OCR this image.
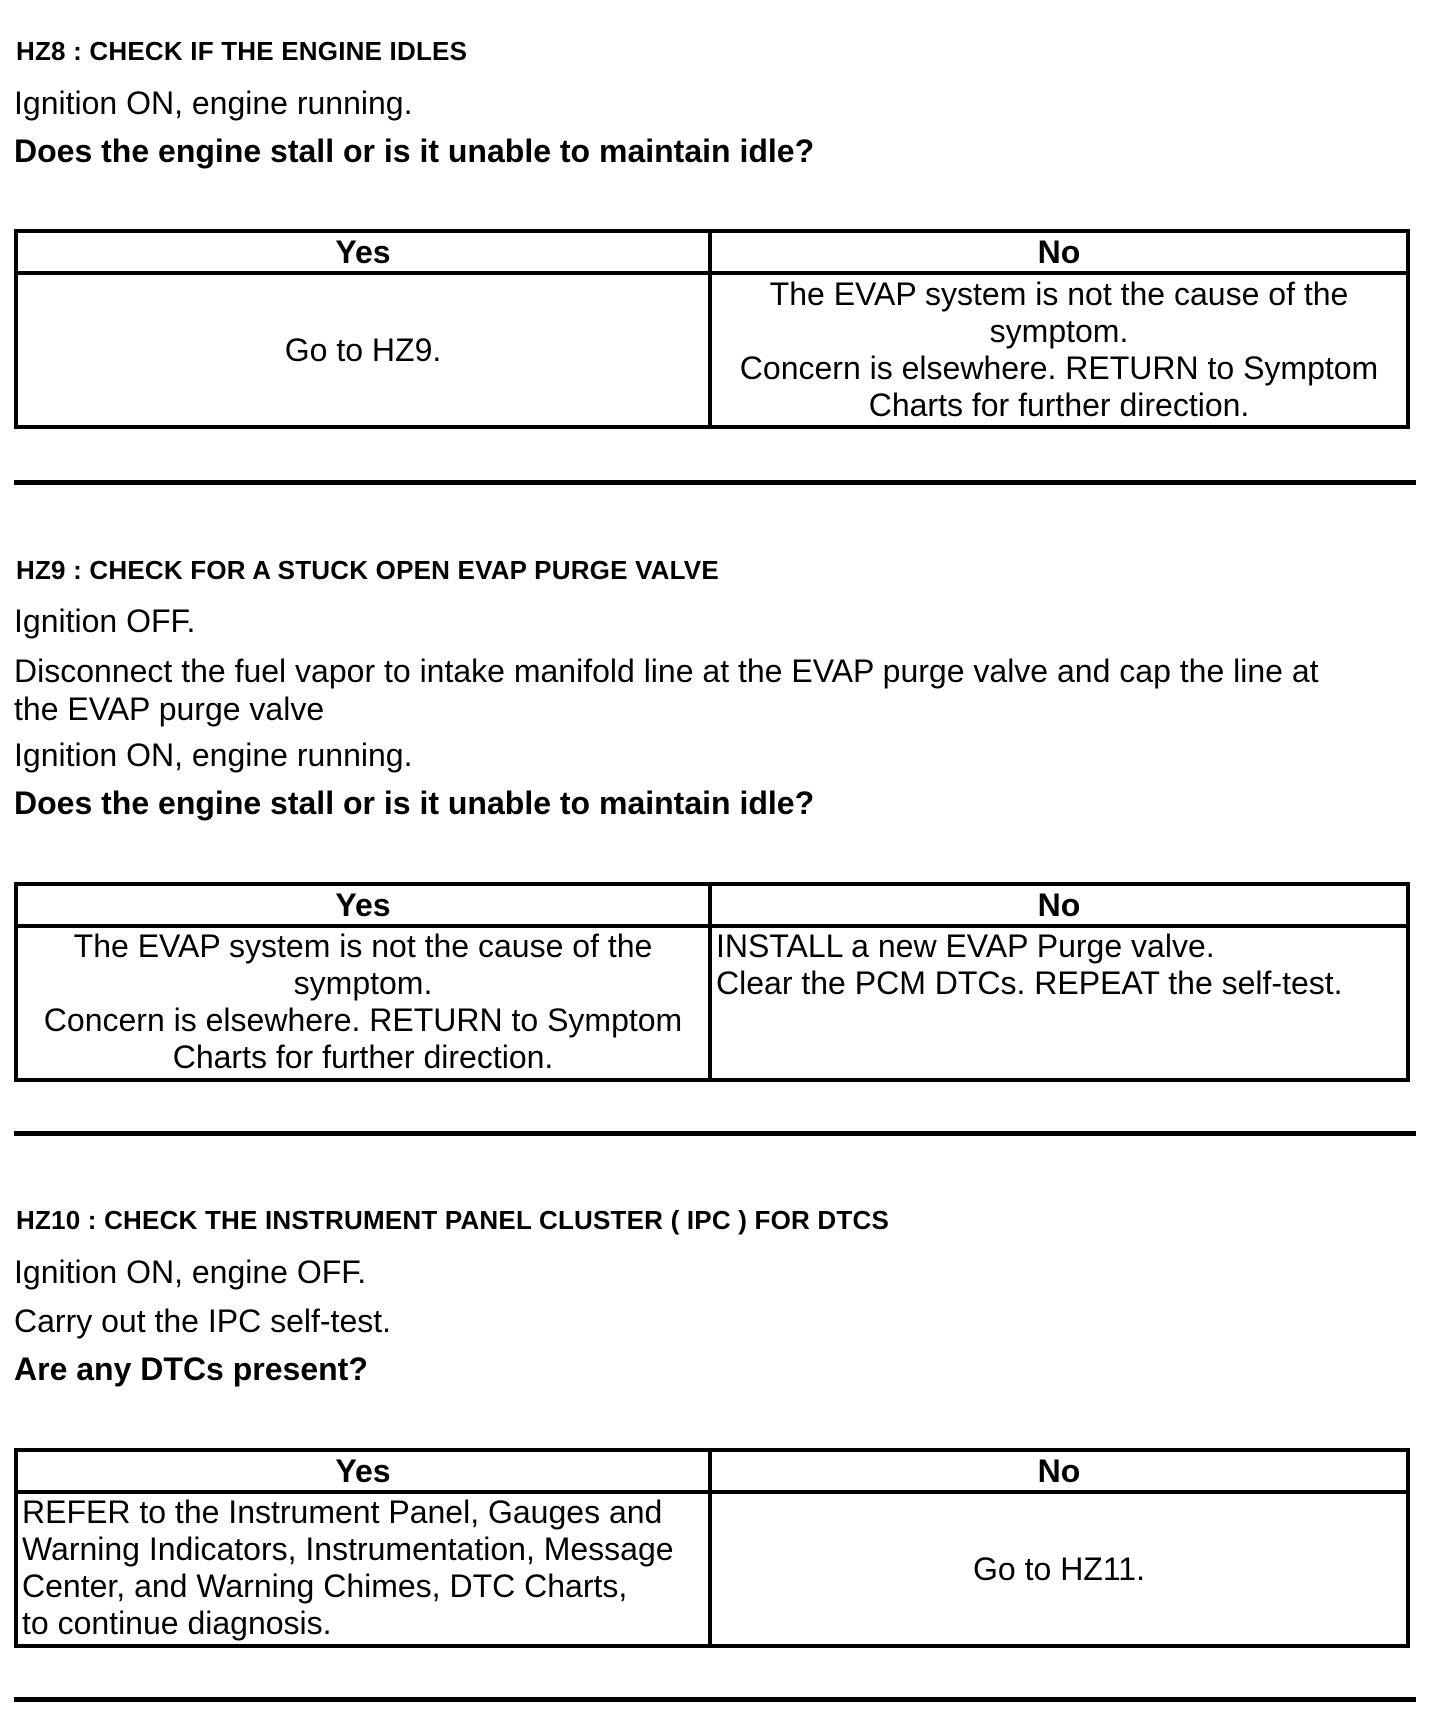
HZ8 : CHECK IF THE ENGINE IDLES
Ignition ON, engine running.
Does the engine stall or is it unable to maintain idle?
Yes	No

Go to HZ9.	The EVAP system is not the cause of the
symptom.
Concern is elsewhere. RETURN to Symptom
Charts for further direction.
HZ9 : CHECK FOR A STUCK OPEN EVAP PURGE VALVE
Ignition OFF.
Disconnect the fuel vapor to intake manifold line at the EVAP purge valve and cap the line at
the EVAP purge valve
Ignition ON, engine running.
Does the engine stall or is it unable to maintain idle?
Yes	No

The EVAP system is not the cause of the
symptom.
Concern is elsewhere. RETURN to Symptom
Charts for further direction.	INSTALL a new EVAP Purge valve.
Clear the PCM DTCs. REPEAT the self-test.
HZ10 : CHECK THE INSTRUMENT PANEL CLUSTER ( IPC ) FOR DTCS
Ignition ON, engine OFF.
Carry out the IPC self-test.
Are any DTCs present?
Yes	No

REFER to the Instrument Panel, Gauges and
Warning Indicators, Instrumentation, Message
Center, and Warning Chimes, DTC Charts,
to continue diagnosis.	Go to HZ11.
